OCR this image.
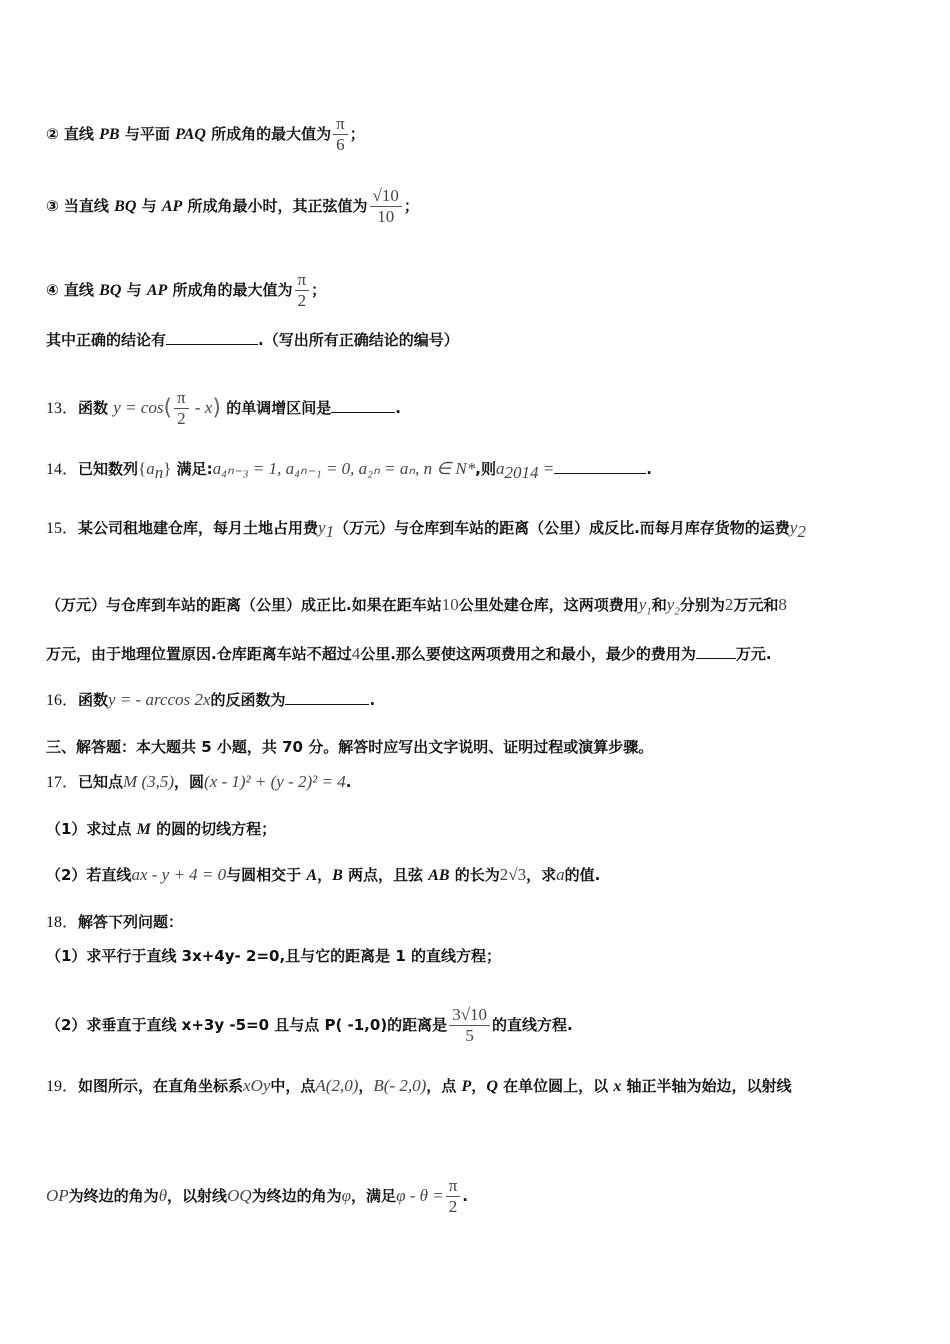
② 直线 PB 与平面 PAQ 所成角的最大值为 $\frac{\pi}{6}$ ；
③ 当直线 BQ 与 AP 所成角最小时，其正弦值为 $\frac{√10}{10}$ ；
④ 直线 BQ 与 AP 所成角的最大值为 $\frac{\pi}{2}$ ；
其中正确的结论有	.（写出所有正确结论的编号）
13．函数 $y = \cos( \frac{\pi}{2} - x)$ 的单调增区间是	.
14．已知数列$\{a_n\}$ 满足:a₄ₙ₋₃ = 1, a₄ₙ₋₁ = 0, a₂ₙ = aₙ, n ∈ N*,则$a_{2014}$ =	.
15．某公司租地建仓库，每月土地占用费$y_1$（万元）与仓库到车站的距离（公里）成反比.而每月库存货物的运费$y_2$
（万元）与仓库到车站的距离（公里）成正比.如果在距车站10公里处建仓库，这两项费用$y_1$和$y_2$分别为2万元和8
万元，由于地理位置原因.仓库距离车站不超过4公里.那么要使这两项费用之和最小，最少的费用为	万元.
16．函数y = - arccos 2x的反函数为	.
三、解答题：本大题共 5 小题，共 70 分。解答时应写出文字说明、证明过程或演算步骤。
17．已知点M (3,5)，圆(x - 1)² + (y - 2)² = 4.
（1）求过点 M 的圆的切线方程；
（2）若直线ax - y + 4 = 0与圆相交于 A，B 两点，且弦 AB 的长为2√3，求a的值.
18．解答下列问题：
（1）求平行于直线 3x+4y- 2=0,且与它的距离是 1 的直线方程；
（2）求垂直于直线 x+3y -5=0 且与点 P( -1,0)的距离是 $\frac{3√10}{5}$ 的直线方程.
19．如图所示，在直角坐标系xOy中，点A(2,0)，B(- 2,0)，点 P，Q 在单位圆上，以 x 轴正半轴为始边，以射线
OP为终边的角为θ，以射线OQ为终边的角为φ，满足$\varphi - \theta = \frac{\pi}{2}$ .
